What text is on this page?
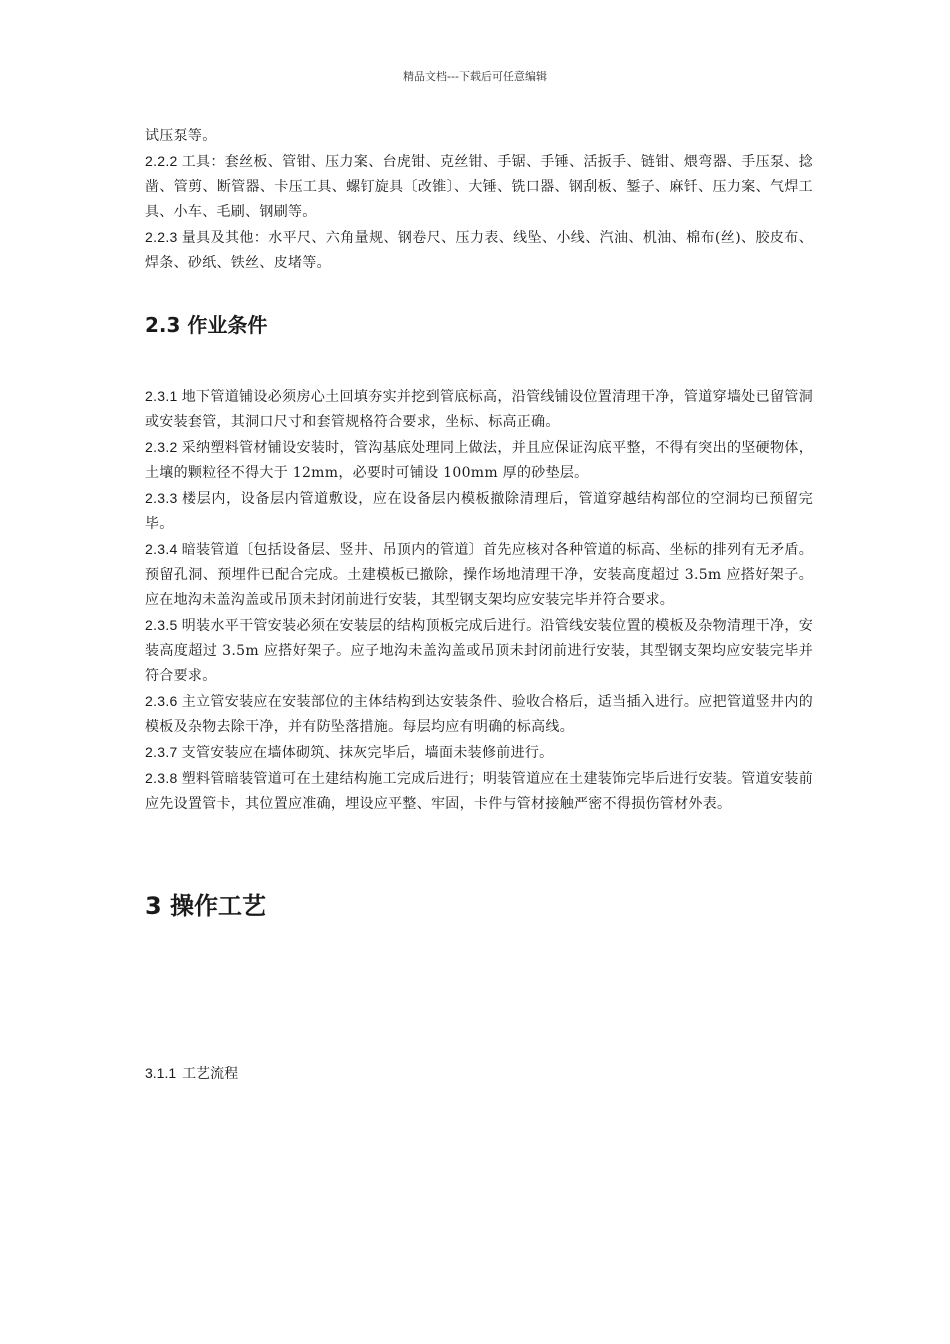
精品文档---下载后可任意编辑

试压泵等。

2.2.2 工具：套丝板、管钳、压力案、台虎钳、克丝钳、手锯、手锤、活扳手、链钳、煨弯器、手压泵、捻凿、管剪、断管器、卡压工具、螺钉旋具〔改锥〕、大锤、铣口器、钢刮板、錾子、麻钎、压力案、气焊工具、小车、毛刷、钢刷等。

2.2.3 量具及其他：水平尺、六角量规、钢卷尺、压力表、线坠、小线、汽油、机油、棉布(丝)、胶皮布、焊条、砂纸、铁丝、皮堵等。

2.3 作业条件

2.3.1 地下管道铺设必须房心土回填夯实并挖到管底标高，沿管线铺设位置清理干净，管道穿墙处已留管洞或安装套管，其洞口尺寸和套管规格符合要求，坐标、标高正确。

2.3.2 采纳塑料管材铺设安装时，管沟基底处理同上做法，并且应保证沟底平整，不得有突出的坚硬物体，土壤的颗粒径不得大于 12mm，必要时可铺设 100mm 厚的砂垫层。

2.3.3 楼层内，设备层内管道敷设，应在设备层内模板撤除清理后，管道穿越结构部位的空洞均已预留完毕。

2.3.4 暗装管道〔包括设备层、竖井、吊顶内的管道〕首先应核对各种管道的标高、坐标的排列有无矛盾。预留孔洞、预埋件已配合完成。土建模板已撤除，操作场地清理干净，安装高度超过 3.5m 应搭好架子。应在地沟未盖沟盖或吊顶未封闭前进行安装，其型钢支架均应安装完毕并符合要求。

2.3.5 明装水平干管安装必须在安装层的结构顶板完成后进行。沿管线安装位置的模板及杂物清理干净，安装高度超过 3.5m 应搭好架子。应子地沟未盖沟盖或吊顶未封闭前进行安装，其型钢支架均应安装完毕并符合要求。

2.3.6 主立管安装应在安装部位的主体结构到达安装条件、验收合格后，适当插入进行。应把管道竖井内的模板及杂物去除干净，并有防坠落措施。每层均应有明确的标高线。

2.3.7 支管安装应在墙体砌筑、抹灰完毕后，墙面未装修前进行。

2.3.8 塑料管暗装管道可在土建结构施工完成后进行；明装管道应在土建装饰完毕后进行安装。管道安装前应先设置管卡，其位置应准确，埋设应平整、牢固，卡件与管材接触严密不得损伤管材外表。

3 操作工艺
3.1.1 工艺流程
